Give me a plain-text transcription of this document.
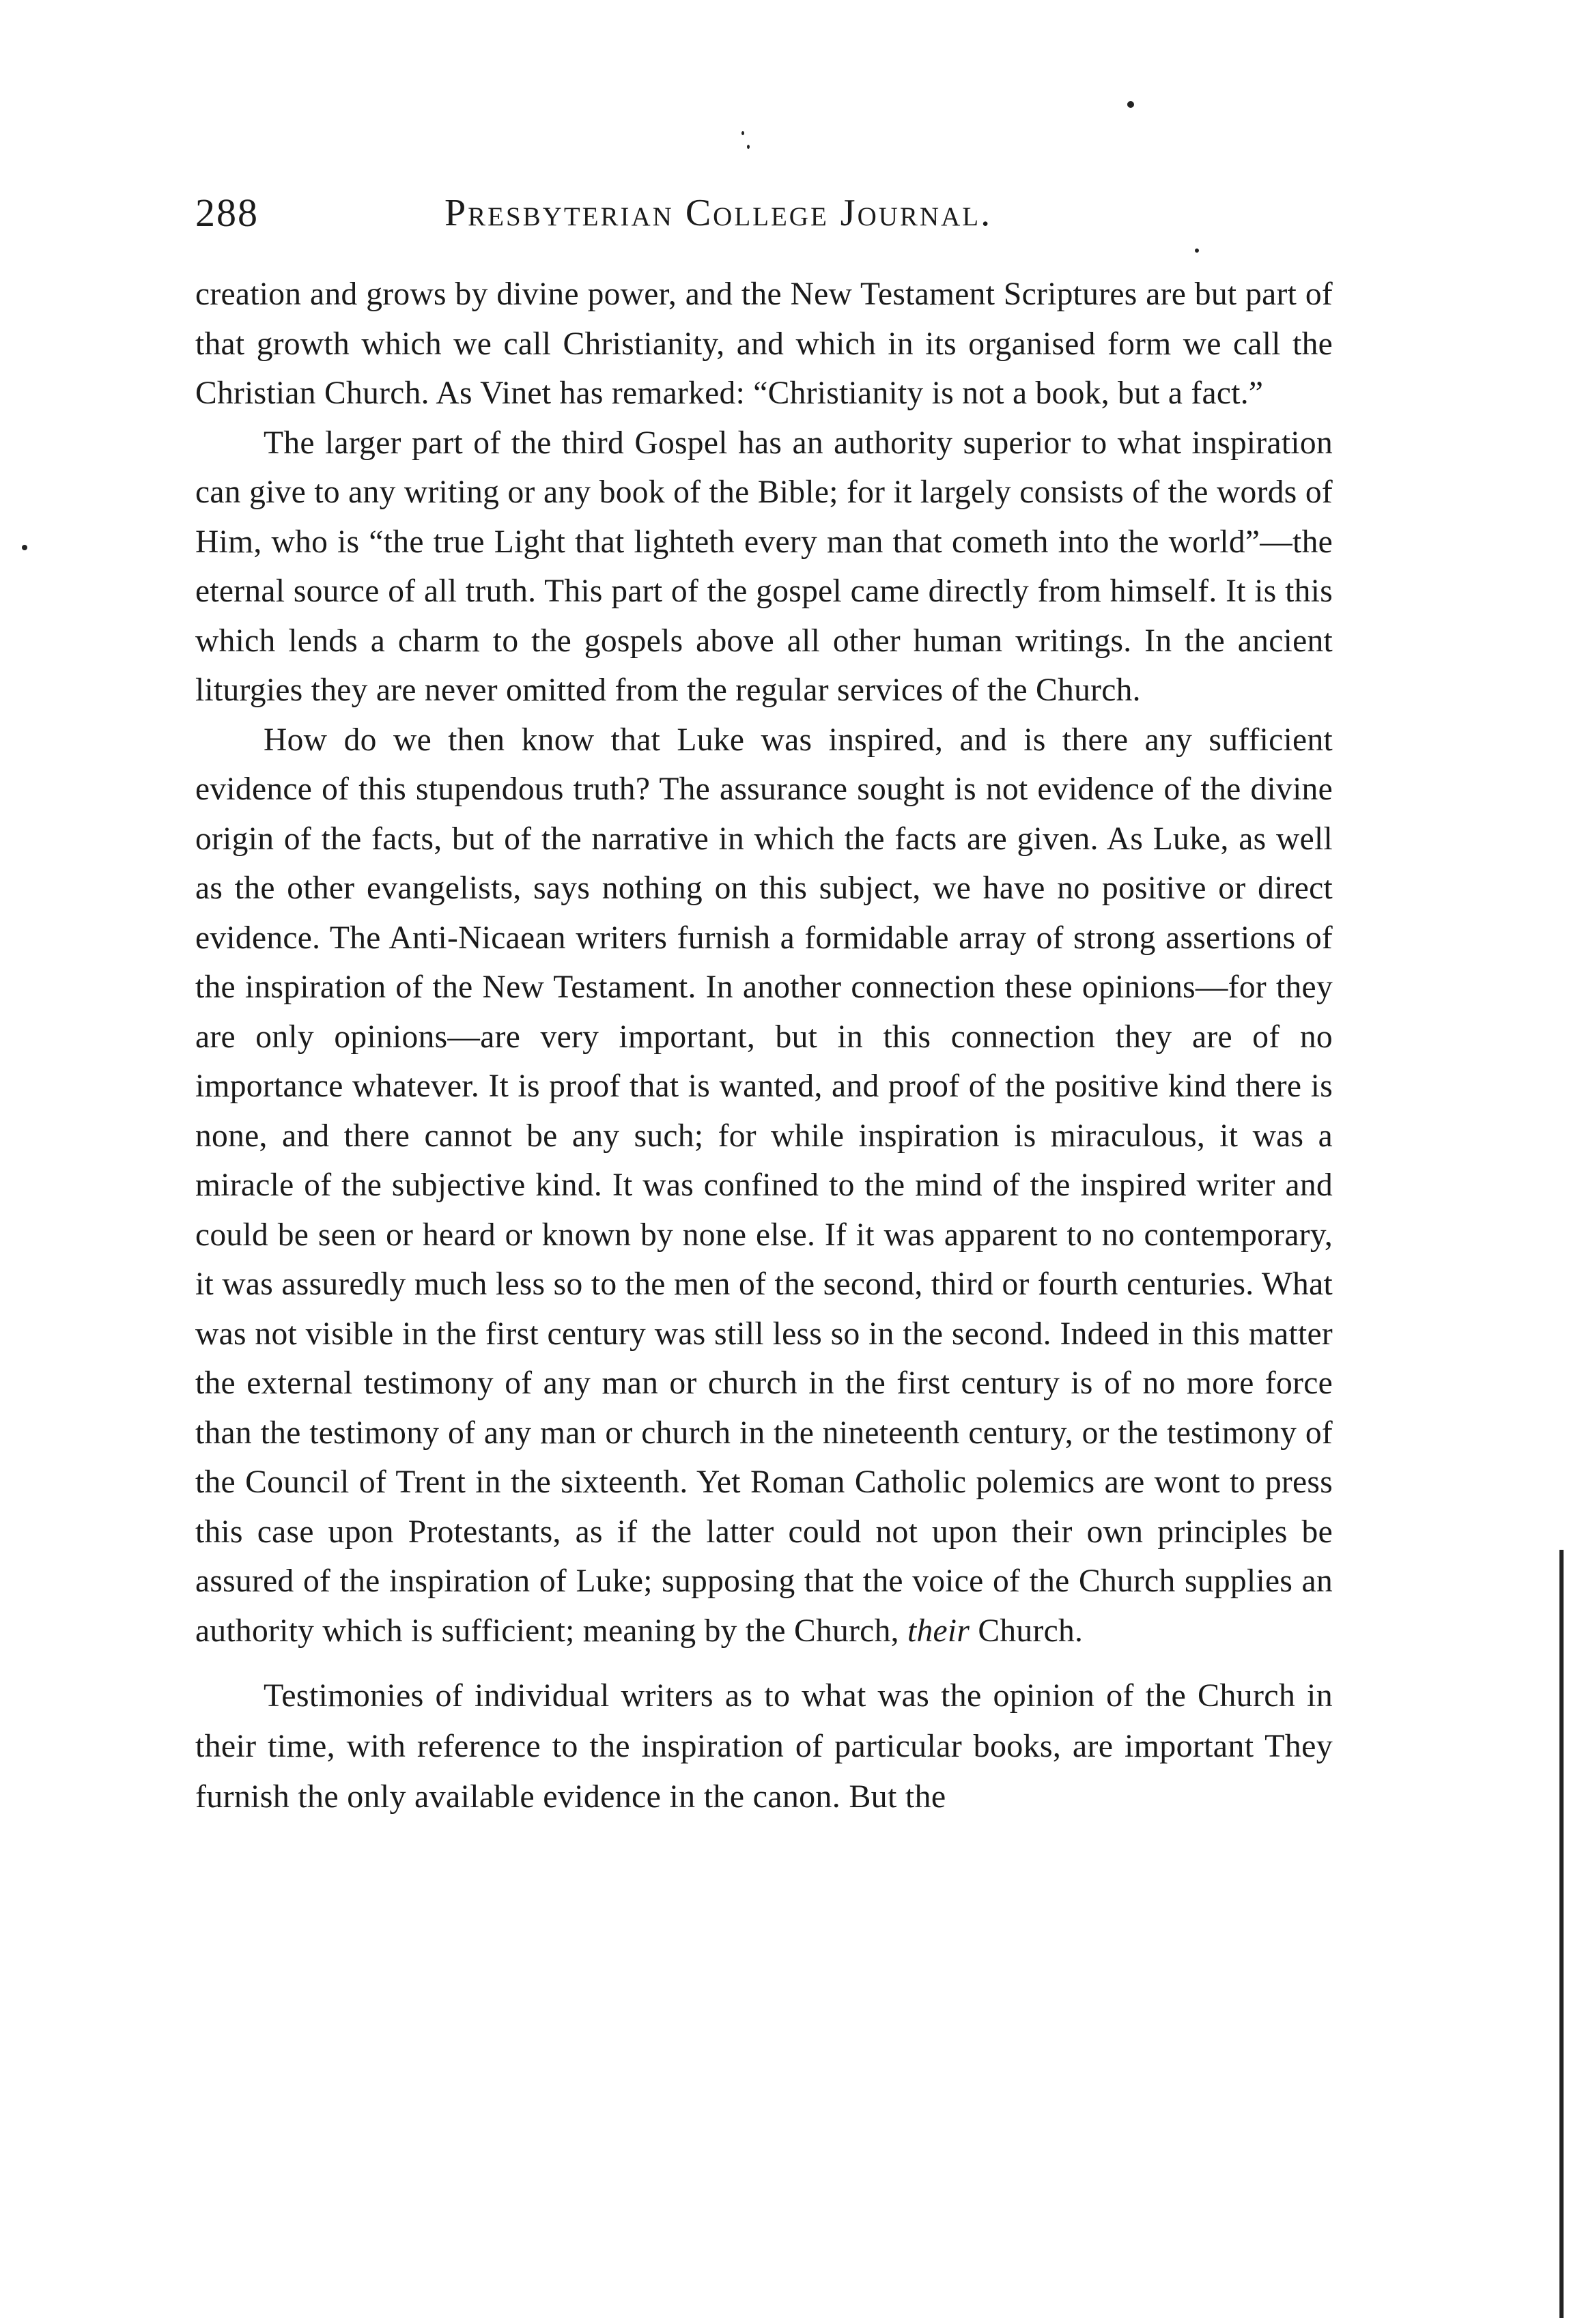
288	Presbyterian College Journal.

creation and grows by divine power, and the New Testament Scriptures are but part of that growth which we call Christianity, and which in its organised form we call the Christian Church. As Vinet has remarked: “Christianity is not a book, but a fact.”

The larger part of the third Gospel has an authority superior to what inspiration can give to any writing or any book of the Bible; for it largely consists of the words of Him, who is “the true Light that lighteth every man that cometh into the world”—the eternal source of all truth. This part of the gospel came directly from himself. It is this which lends a charm to the gospels above all other human writings. In the ancient liturgies they are never omitted from the regular services of the Church.

How do we then know that Luke was inspired, and is there any sufficient evidence of this stupendous truth? The assurance sought is not evidence of the divine origin of the facts, but of the narrative in which the facts are given. As Luke, as well as the other evangelists, says nothing on this subject, we have no positive or direct evidence. The Anti-Nicaean writers furnish a formidable array of strong assertions of the inspiration of the New Testament. In another connection these opinions—for they are only opinions—are very important, but in this connection they are of no importance whatever. It is proof that is wanted, and proof of the positive kind there is none, and there cannot be any such; for while inspiration is miraculous, it was a miracle of the subjective kind. It was confined to the mind of the inspired writer and could be seen or heard or known by none else. If it was apparent to no contemporary, it was assuredly much less so to the men of the second, third or fourth centuries. What was not visible in the first century was still less so in the second. Indeed in this matter the external testimony of any man or church in the first century is of no more force than the testimony of any man or church in the nineteenth century, or the testimony of the Council of Trent in the sixteenth. Yet Roman Catholic polemics are wont to press this case upon Protestants, as if the latter could not upon their own principles be assured of the inspiration of Luke; supposing that the voice of the Church supplies an authority which is sufficient; meaning by the Church, their Church.

Testimonies of individual writers as to what was the opinion of the Church in their time, with reference to the inspiration of particular books, are important They furnish the only available evidence in the canon. But the
